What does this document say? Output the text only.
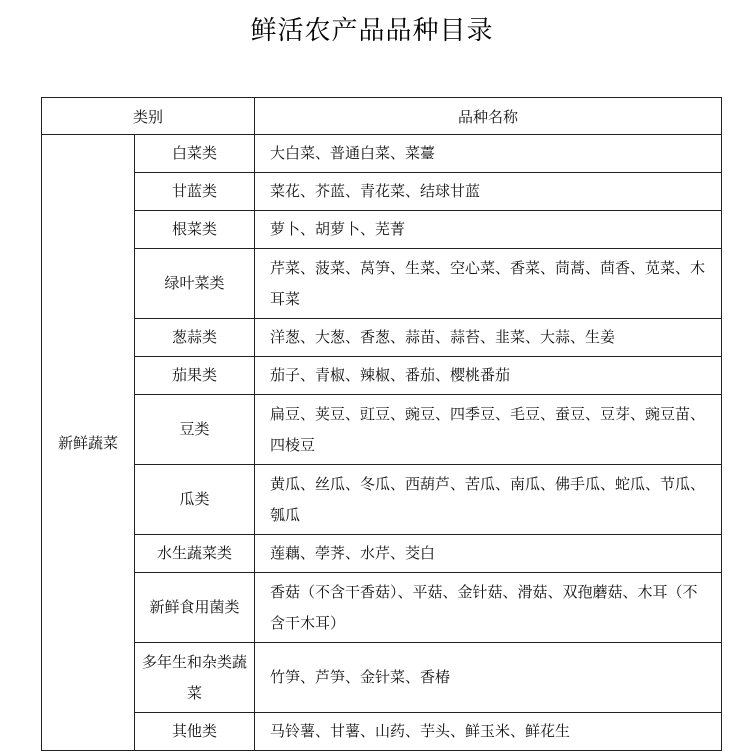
鲜活农产品品种目录
类别		品种名称
新鲜蔬菜	白菜类	大白菜、普通白菜、菜薹
	甘蓝类	菜花、芥蓝、青花菜、结球甘蓝
	根菜类	萝卜、胡萝卜、芜菁
	绿叶菜类	芹菜、菠菜、莴笋、生菜、空心菜、香菜、茼蒿、茴香、苋菜、木耳菜
	葱蒜类	洋葱、大葱、香葱、蒜苗、蒜苔、韭菜、大蒜、生姜
	茄果类	茄子、青椒、辣椒、番茄、樱桃番茄
	豆类	扁豆、荚豆、豇豆、豌豆、四季豆、毛豆、蚕豆、豆芽、豌豆苗、四棱豆
	瓜类	黄瓜、丝瓜、冬瓜、西葫芦、苦瓜、南瓜、佛手瓜、蛇瓜、节瓜、瓠瓜
	水生蔬菜类	莲藕、荸荠、水芹、茭白
	新鲜食用菌类	香菇（不含干香菇）、平菇、金针菇、滑菇、双孢蘑菇、木耳（不含干木耳）
	多年生和杂类蔬菜	竹笋、芦笋、金针菜、香椿
	其他类	马铃薯、甘薯、山药、芋头、鲜玉米、鲜花生
